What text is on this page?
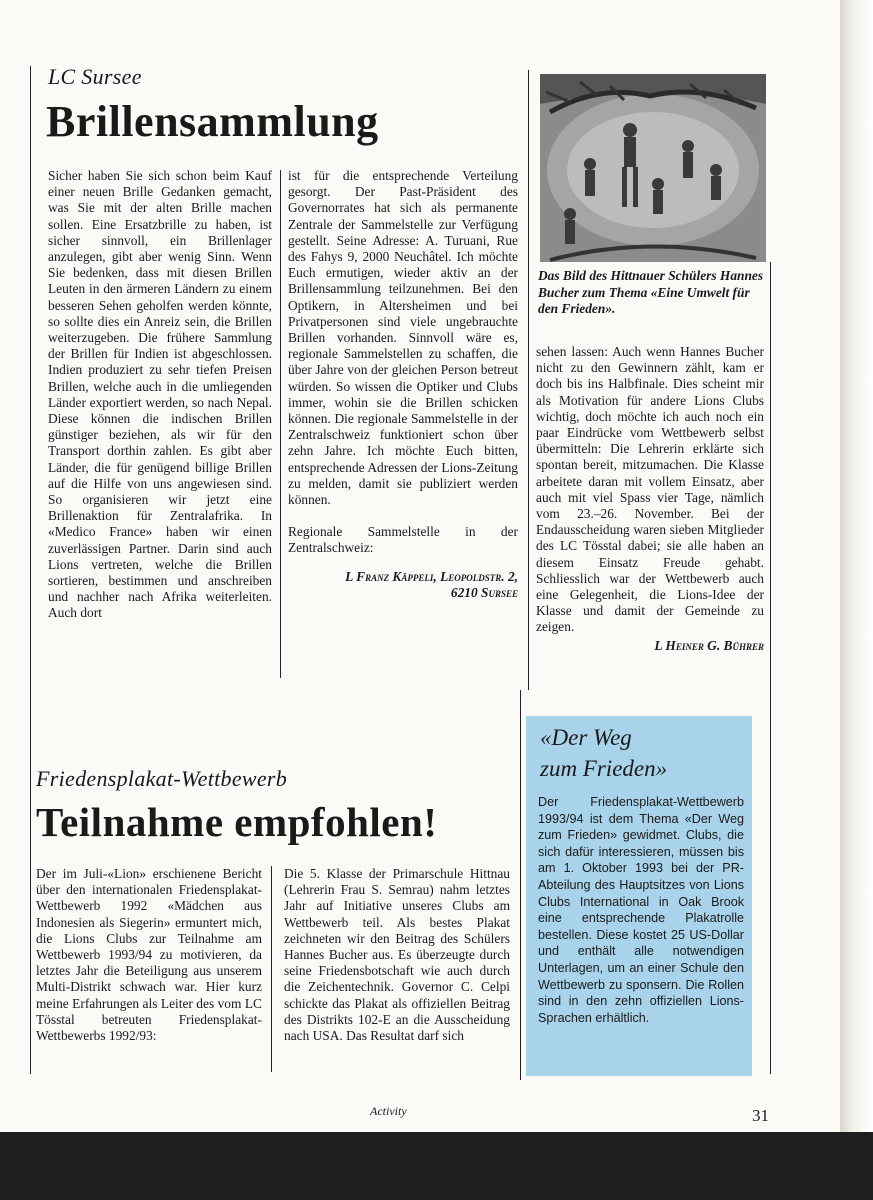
LC Sursee
Brillensammlung

Sicher haben Sie sich schon beim Kauf einer neuen Brille Gedanken gemacht, was Sie mit der alten Brille machen sollen. Eine Ersatzbrille zu haben, ist sicher sinnvoll, ein Brillenlager anzulegen, gibt aber wenig Sinn. Wenn Sie bedenken, dass mit diesen Brillen Leuten in den ärmeren Ländern zu einem besseren Sehen geholfen werden könnte, so sollte dies ein Anreiz sein, die Brillen weiterzugeben. Die frühere Sammlung der Brillen für Indien ist abgeschlossen. Indien produziert zu sehr tiefen Preisen Brillen, welche auch in die umliegenden Länder exportiert werden, so nach Nepal. Diese können die indischen Brillen günstiger beziehen, als wir für den Transport dorthin zahlen. Es gibt aber Länder, die für genügend billige Brillen auf die Hilfe von uns angewiesen sind. So organisieren wir jetzt eine Brillenaktion für Zentralafrika. In «Medico France» haben wir einen zuverlässigen Partner. Darin sind auch Lions vertreten, welche die Brillen sortieren, bestimmen und anschreiben und nachher nach Afrika weiterleiten. Auch dort

ist für die entsprechende Verteilung gesorgt. Der Past-Präsident des Governorrates hat sich als permanente Zentrale der Sammelstelle zur Verfügung gestellt. Seine Adresse: A. Turuani, Rue des Fahys 9, 2000 Neuchâtel. Ich möchte Euch ermutigen, wieder aktiv an der Brillensammlung teilzunehmen. Bei den Optikern, in Altersheimen und bei Privatpersonen sind viele ungebrauchte Brillen vorhanden. Sinnvoll wäre es, regionale Sammelstellen zu schaffen, die über Jahre von der gleichen Person betreut würden. So wissen die Optiker und Clubs immer, wohin sie die Brillen schicken können. Die regionale Sammelstelle in der Zentralschweiz funktioniert schon über zehn Jahre. Ich möchte Euch bitten, entsprechende Adressen der Lions-Zeitung zu melden, damit sie publiziert werden können.

Regionale Sammelstelle in der Zentralschweiz:

L Franz Käppeli, Leopoldstr. 2,
6210 Sursee
Das Bild des Hittnauer Schülers Hannes Bucher zum Thema «Eine Umwelt für den Frieden».

sehen lassen: Auch wenn Hannes Bucher nicht zu den Gewinnern zählt, kam er doch bis ins Halbfinale. Dies scheint mir als Motivation für andere Lions Clubs wichtig, doch möchte ich auch noch ein paar Eindrücke vom Wettbewerb selbst übermitteln: Die Lehrerin erklärte sich spontan bereit, mitzumachen. Die Klasse arbeitete daran mit vollem Einsatz, aber auch mit viel Spass vier Tage, nämlich vom 23.–26. November. Bei der Endausscheidung waren sieben Mitglieder des LC Tösstal dabei; sie alle haben an diesem Einsatz Freude gehabt. Schliesslich war der Wettbewerb auch eine Gelegenheit, die Lions-Idee der Klasse und damit der Gemeinde zu zeigen.

L Heiner G. Bührer
Friedensplakat-Wettbewerb
Teilnahme empfohlen!

Der im Juli-«Lion» erschienene Bericht über den internationalen Friedensplakat-Wettbewerb 1992 «Mädchen aus Indonesien als Siegerin» ermuntert mich, die Lions Clubs zur Teilnahme am Wettbewerb 1993/94 zu motivieren, da letztes Jahr die Beteiligung aus unserem Multi-Distrikt schwach war. Hier kurz meine Erfahrungen als Leiter des vom LC Tösstal betreuten Friedensplakat-Wettbewerbs 1992/93:

Die 5. Klasse der Primarschule Hittnau (Lehrerin Frau S. Semrau) nahm letztes Jahr auf Initiative unseres Clubs am Wettbewerb teil. Als bestes Plakat zeichneten wir den Beitrag des Schülers Hannes Bucher aus. Es überzeugte durch seine Friedensbotschaft wie auch durch die Zeichentechnik. Governor C. Celpi schickte das Plakat als offiziellen Beitrag des Distrikts 102-E an die Ausscheidung nach USA. Das Resultat darf sich

«Der Weg
zum Frieden»
Der Friedensplakat-Wettbewerb 1993/94 ist dem Thema «Der Weg zum Frieden» gewidmet. Clubs, die sich dafür interessieren, müssen bis am 1. Oktober 1993 bei der PR-Abteilung des Hauptsitzes von Lions Clubs International in Oak Brook eine entsprechende Plakatrolle bestellen. Diese kostet 25 US-Dollar und enthält alle notwendigen Unterlagen, um an einer Schule den Wettbewerb zu sponsern. Die Rollen sind in den zehn offiziellen Lions-Sprachen erhältlich.
Activity	31
